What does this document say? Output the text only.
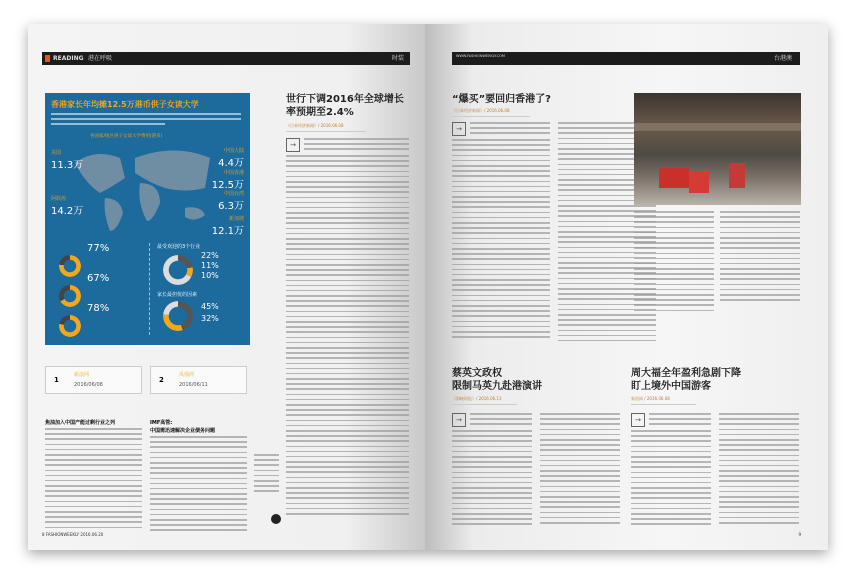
READING 港在呼吸	时装
香港家长年均摊12.5万港币供子女读大学
各国家/地区供子女读大学费用(港币)
美国
11.3万
阿联酋
14.2万
中国大陆
4.4万
中国香港
12.5万
中国台湾
6.3万
新加坡
12.1万
77%
67%
78%
最受欢迎的3个行业
22%
11%
10%
家长最担忧的因素
45%
32%
世行下调2016年全球增长率预期至2.4%
《日本经济新闻》/ 2016.06.08
→
1
新浪网
2016/06/08
2
凤凰网
2016/06/11
焦油加入中国产能过剩行业之列	IMF高管:
中国需迅速解决企业债务问题
8 FASHIONWEEKLY 2016.06.20
WWW.FASHIONWEEKLY.COM	台港澳
“爆买”要回归香港了?
《日本经济新闻》/ 2016.06.08
→
蔡英文政权
限制马英九赴港演讲
《海峡时报》/ 2016.06.13
→
周大福全年盈利急剧下降
盯上境外中国游客
新浪网 / 2016.06.08
→
9
